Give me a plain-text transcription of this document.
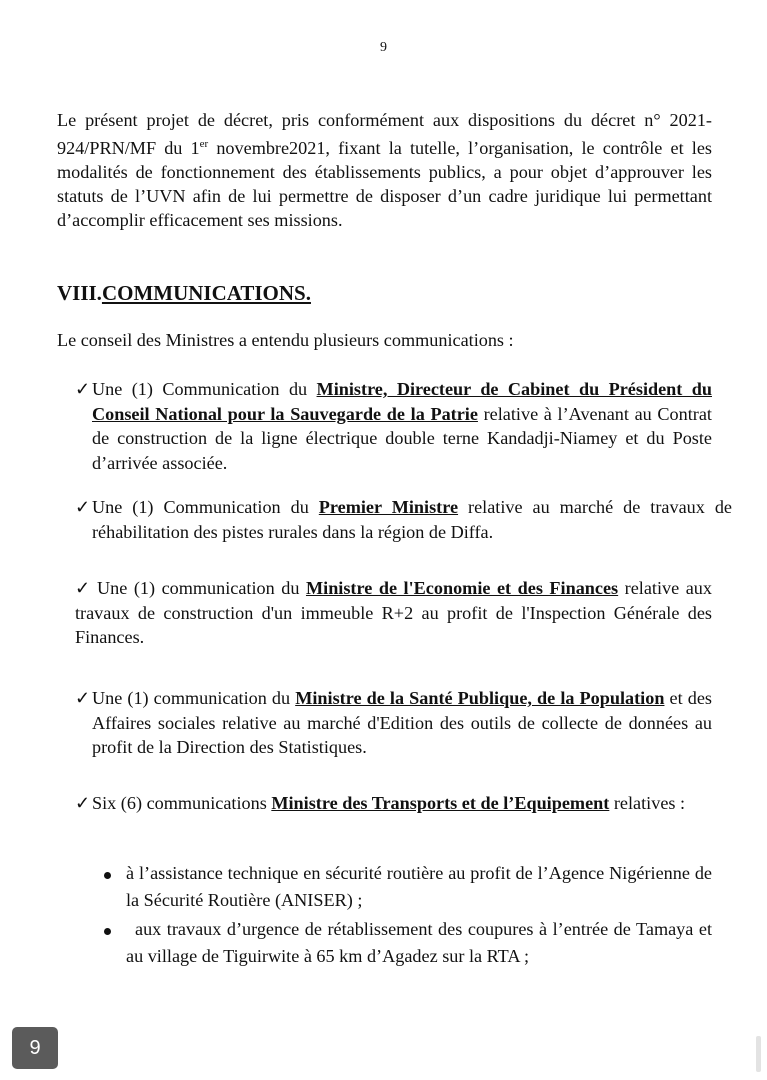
9

Le présent projet de décret, pris conformément aux dispositions du décret n° 2021-924/PRN/MF du 1er novembre2021, fixant la tutelle, l’organisation, le contrôle et les modalités de fonctionnement des établissements publics, a pour objet d’approuver les statuts de l’UVN afin de lui permettre de disposer d’un cadre juridique lui permettant d’accomplir efficacement ses missions.

VIII.COMMUNICATIONS.

Le conseil des Ministres a entendu plusieurs communications :

✓ Une (1) Communication du Ministre, Directeur de Cabinet du Président du Conseil National pour la Sauvegarde de la Patrie relative à l’Avenant au Contrat de construction de la ligne électrique double terne Kandadji-Niamey et du Poste d’arrivée associée.

✓ Une (1) Communication du Premier Ministre relative au marché de travaux de réhabilitation des pistes rurales dans la région de Diffa.

✓ Une (1) communication du Ministre de l'Economie et des Finances relative aux travaux de construction d'un immeuble R+2 au profit de l'Inspection Générale des Finances.

✓ Une (1) communication du Ministre de la Santé Publique, de la Population et des Affaires sociales relative au marché d'Edition des outils de collecte de données au profit de la Direction des Statistiques.

✓ Six (6) communications Ministre des Transports et de l’Equipement relatives :

à l’assistance technique en sécurité routière au profit de l’Agence Nigérienne de la Sécurité Routière (ANISER) ;

aux travaux d’urgence de rétablissement des coupures à l’entrée de Tamaya et au village de Tiguirwite à 65 km d’Agadez sur la RTA ;

9
